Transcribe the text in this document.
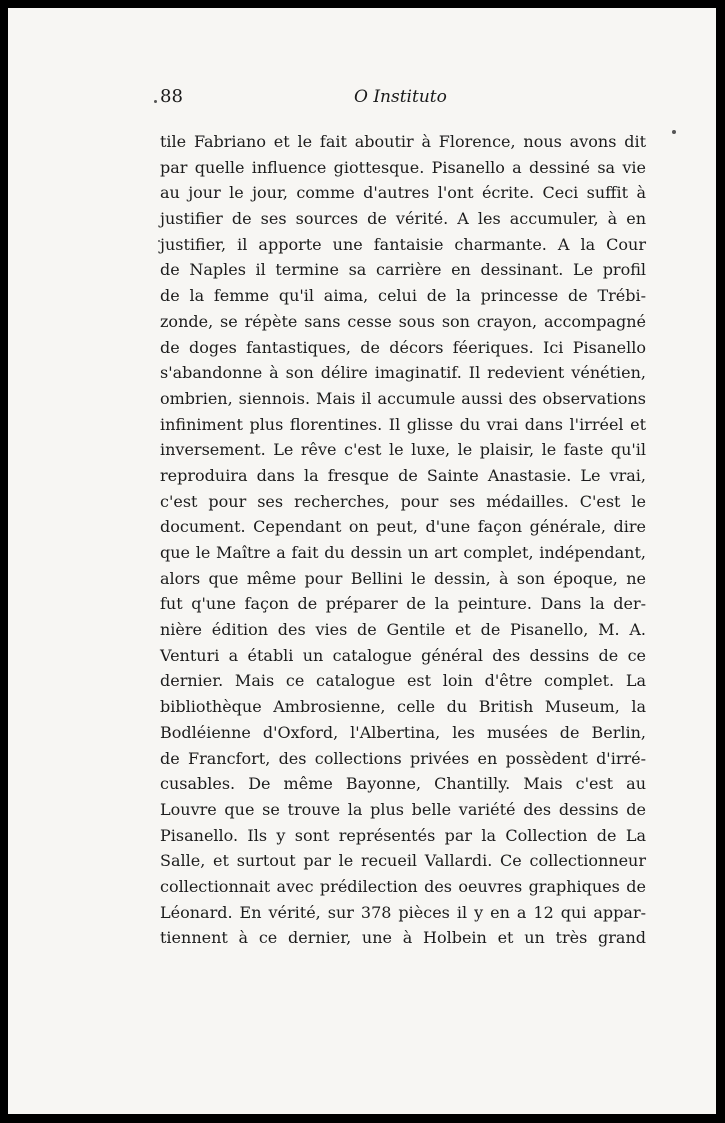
88	O Instituto
tile Fabriano et le fait aboutir à Florence, nous avons dit
par quelle influence giottesque. Pisanello a dessiné sa vie
au jour le jour, comme d'autres l'ont écrite. Ceci suffit à
justifier de ses sources de vérité. A les accumuler, à en
justifier, il apporte une fantaisie charmante. A la Cour
de Naples il termine sa carrière en dessinant. Le profil
de la femme qu'il aima, celui de la princesse de Trébi-
zonde, se répète sans cesse sous son crayon, accompagné
de doges fantastiques, de décors féeriques. Ici Pisanello
s'abandonne à son délire imaginatif. Il redevient vénétien,
ombrien, siennois. Mais il accumule aussi des observations
infiniment plus florentines. Il glisse du vrai dans l'irréel et
inversement. Le rêve c'est le luxe, le plaisir, le faste qu'il
reproduira dans la fresque de Sainte Anastasie. Le vrai,
c'est pour ses recherches, pour ses médailles. C'est le
document. Cependant on peut, d'une façon générale, dire
que le Maître a fait du dessin un art complet, indépendant,
alors que même pour Bellini le dessin, à son époque, ne
fut q'une façon de préparer de la peinture. Dans la der-
nière édition des vies de Gentile et de Pisanello, M. A.
Venturi a établi un catalogue général des dessins de ce
dernier. Mais ce catalogue est loin d'être complet. La
bibliothèque Ambrosienne, celle du British Museum, la
Bodléienne d'Oxford, l'Albertina, les musées de Berlin,
de Francfort, des collections privées en possèdent d'irré-
cusables. De même Bayonne, Chantilly. Mais c'est au
Louvre que se trouve la plus belle variété des dessins de
Pisanello. Ils y sont représentés par la Collection de La
Salle, et surtout par le recueil Vallardi. Ce collectionneur
collectionnait avec prédilection des oeuvres graphiques de
Léonard. En vérité, sur 378 pièces il y en a 12 qui appar-
tiennent à ce dernier, une à Holbein et un très grand
